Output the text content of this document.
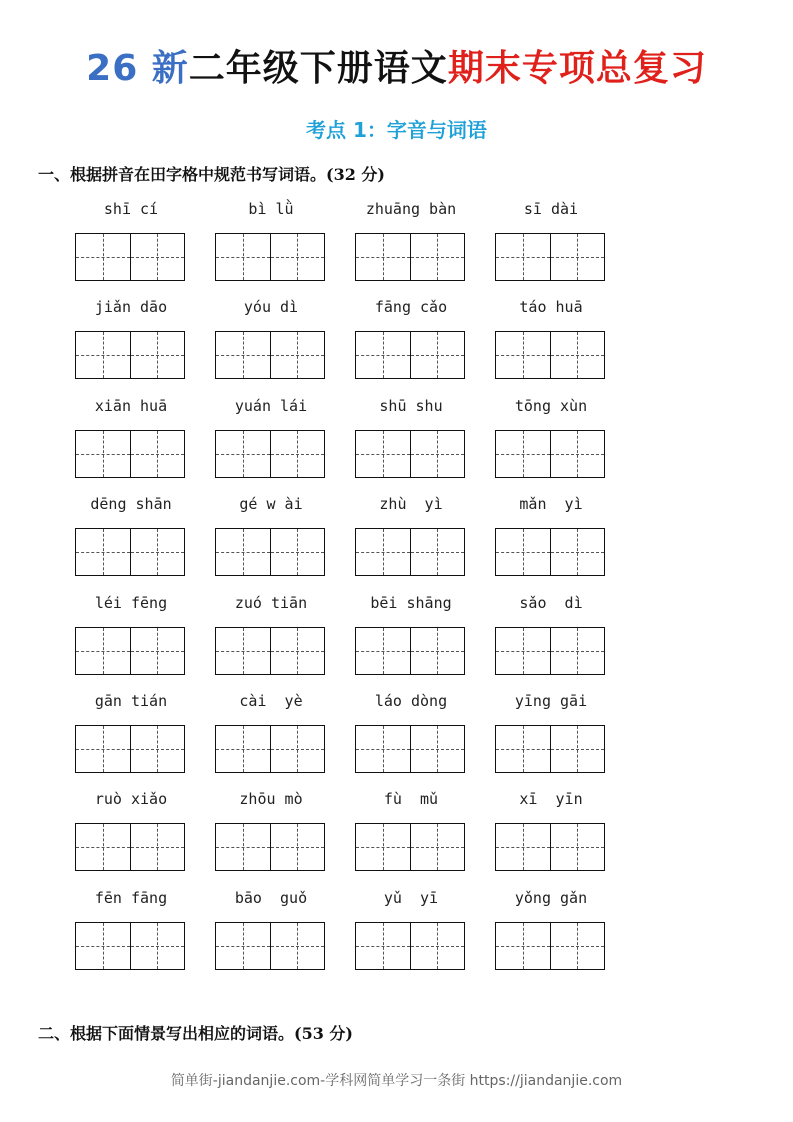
26 新二年级下册语文期末专项总复习
考点 1：字音与词语
一、根据拼音在田字格中规范书写词语。(32 分)
shī cí	bì lǜ	zhuāng bàn	sī dài
jiǎn dāo	yóu dì	fāng cǎo	táo huā
xiān huā	yuán lái	shū shu	tōng xùn
dēng shān	gé w ài	zhù  yì	mǎn  yì
léi fēng	zuó tiān	bēi shāng	sǎo  dì
gān tián	cài  yè	láo dòng	yīng gāi
ruò xiǎo	zhōu mò	fù  mǔ	xī  yīn
fēn fāng	bāo  guǒ	yǔ  yī	yǒng gǎn
二、根据下面情景写出相应的词语。(53 分)
简单街-jiandanjie.com-学科网简单学习一条街 https://jiandanjie.com
